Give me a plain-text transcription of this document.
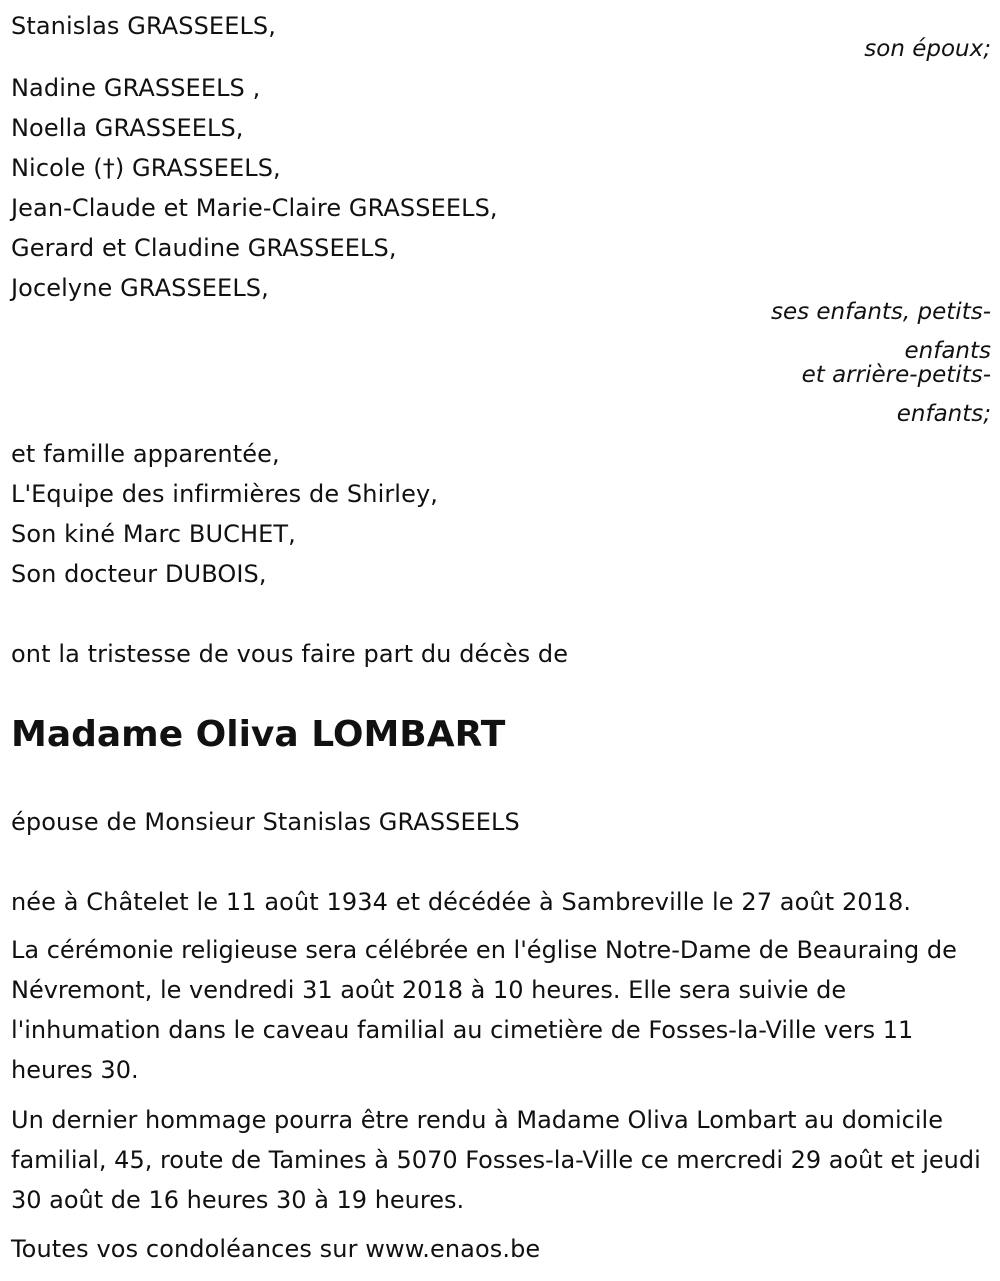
Stanislas GRASSEELS,
son époux;
Nadine GRASSEELS ,
Noella GRASSEELS,
Nicole (†) GRASSEELS,
Jean-Claude et Marie-Claire GRASSEELS,
Gerard et Claudine GRASSEELS,
Jocelyne GRASSEELS,
ses enfants, petits-
enfants
et arrière-petits-
enfants;
et famille apparentée,
L'Equipe des infirmières de Shirley,
Son kiné Marc BUCHET,
Son docteur DUBOIS,
ont la tristesse de vous faire part du décès de
Madame Oliva LOMBART
épouse de Monsieur Stanislas GRASSEELS
née à Châtelet le 11 août 1934 et décédée à Sambreville le 27 août 2018.
La cérémonie religieuse sera célébrée en l'église Notre-Dame de Beauraing de Névremont, le vendredi 31 août 2018 à 10 heures. Elle sera suivie de l'inhumation dans le caveau familial au cimetière de Fosses-la-Ville vers 11 heures 30.
Un dernier hommage pourra être rendu à Madame Oliva Lombart au domicile familial, 45, route de Tamines à 5070 Fosses-la-Ville ce mercredi 29 août et jeudi 30 août de 16 heures 30 à 19 heures.
Toutes vos condoléances sur www.enaos.be
